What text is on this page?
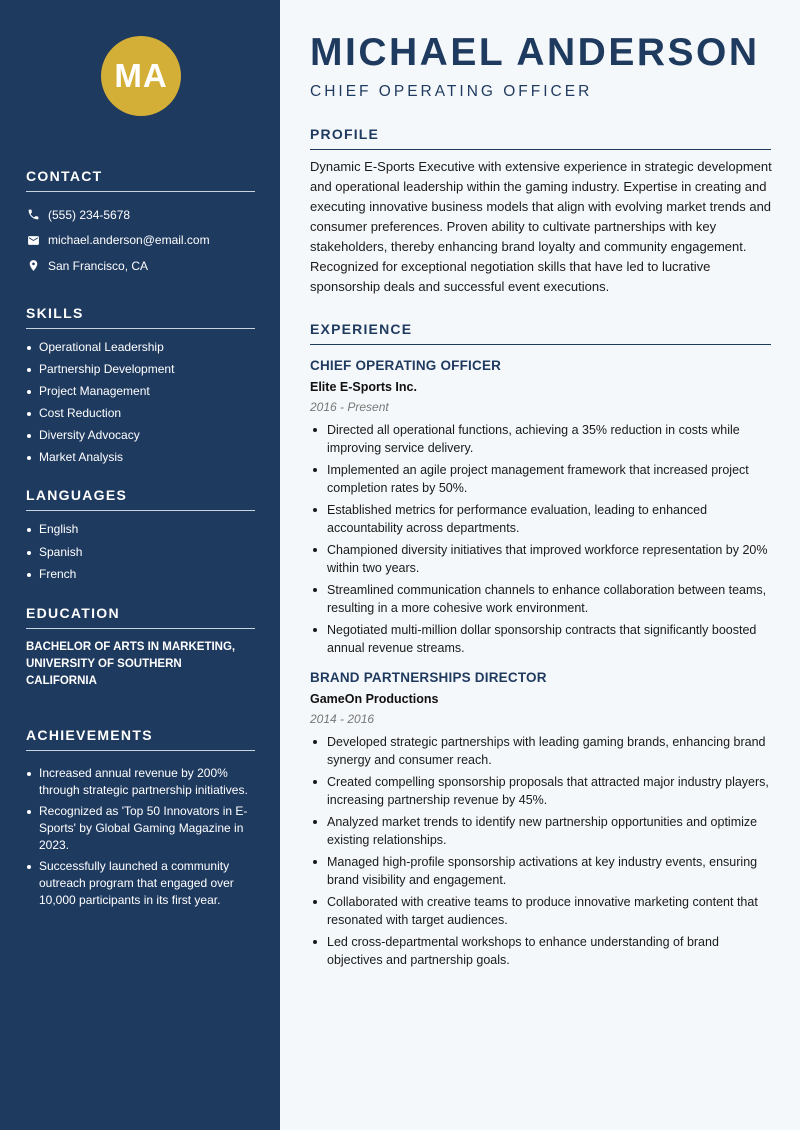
MA
CONTACT
(555) 234-5678
michael.anderson@email.com
San Francisco, CA
SKILLS
Operational Leadership
Partnership Development
Project Management
Cost Reduction
Diversity Advocacy
Market Analysis
LANGUAGES
English
Spanish
French
EDUCATION
BACHELOR OF ARTS IN MARKETING, UNIVERSITY OF SOUTHERN CALIFORNIA
ACHIEVEMENTS
Increased annual revenue by 200% through strategic partnership initiatives.
Recognized as 'Top 50 Innovators in E-Sports' by Global Gaming Magazine in 2023.
Successfully launched a community outreach program that engaged over 10,000 participants in its first year.
MICHAEL ANDERSON
CHIEF OPERATING OFFICER
PROFILE

Dynamic E-Sports Executive with extensive experience in strategic development and operational leadership within the gaming industry. Expertise in creating and executing innovative business models that align with evolving market trends and consumer preferences. Proven ability to cultivate partnerships with key stakeholders, thereby enhancing brand loyalty and community engagement. Recognized for exceptional negotiation skills that have led to lucrative sponsorship deals and successful event executions.

EXPERIENCE
CHIEF OPERATING OFFICER
Elite E-Sports Inc.
2016 - Present
Directed all operational functions, achieving a 35% reduction in costs while improving service delivery.
Implemented an agile project management framework that increased project completion rates by 50%.
Established metrics for performance evaluation, leading to enhanced accountability across departments.
Championed diversity initiatives that improved workforce representation by 20% within two years.
Streamlined communication channels to enhance collaboration between teams, resulting in a more cohesive work environment.
Negotiated multi-million dollar sponsorship contracts that significantly boosted annual revenue streams.
BRAND PARTNERSHIPS DIRECTOR
GameOn Productions
2014 - 2016
Developed strategic partnerships with leading gaming brands, enhancing brand synergy and consumer reach.
Created compelling sponsorship proposals that attracted major industry players, increasing partnership revenue by 45%.
Analyzed market trends to identify new partnership opportunities and optimize existing relationships.
Managed high-profile sponsorship activations at key industry events, ensuring brand visibility and engagement.
Collaborated with creative teams to produce innovative marketing content that resonated with target audiences.
Led cross-departmental workshops to enhance understanding of brand objectives and partnership goals.
